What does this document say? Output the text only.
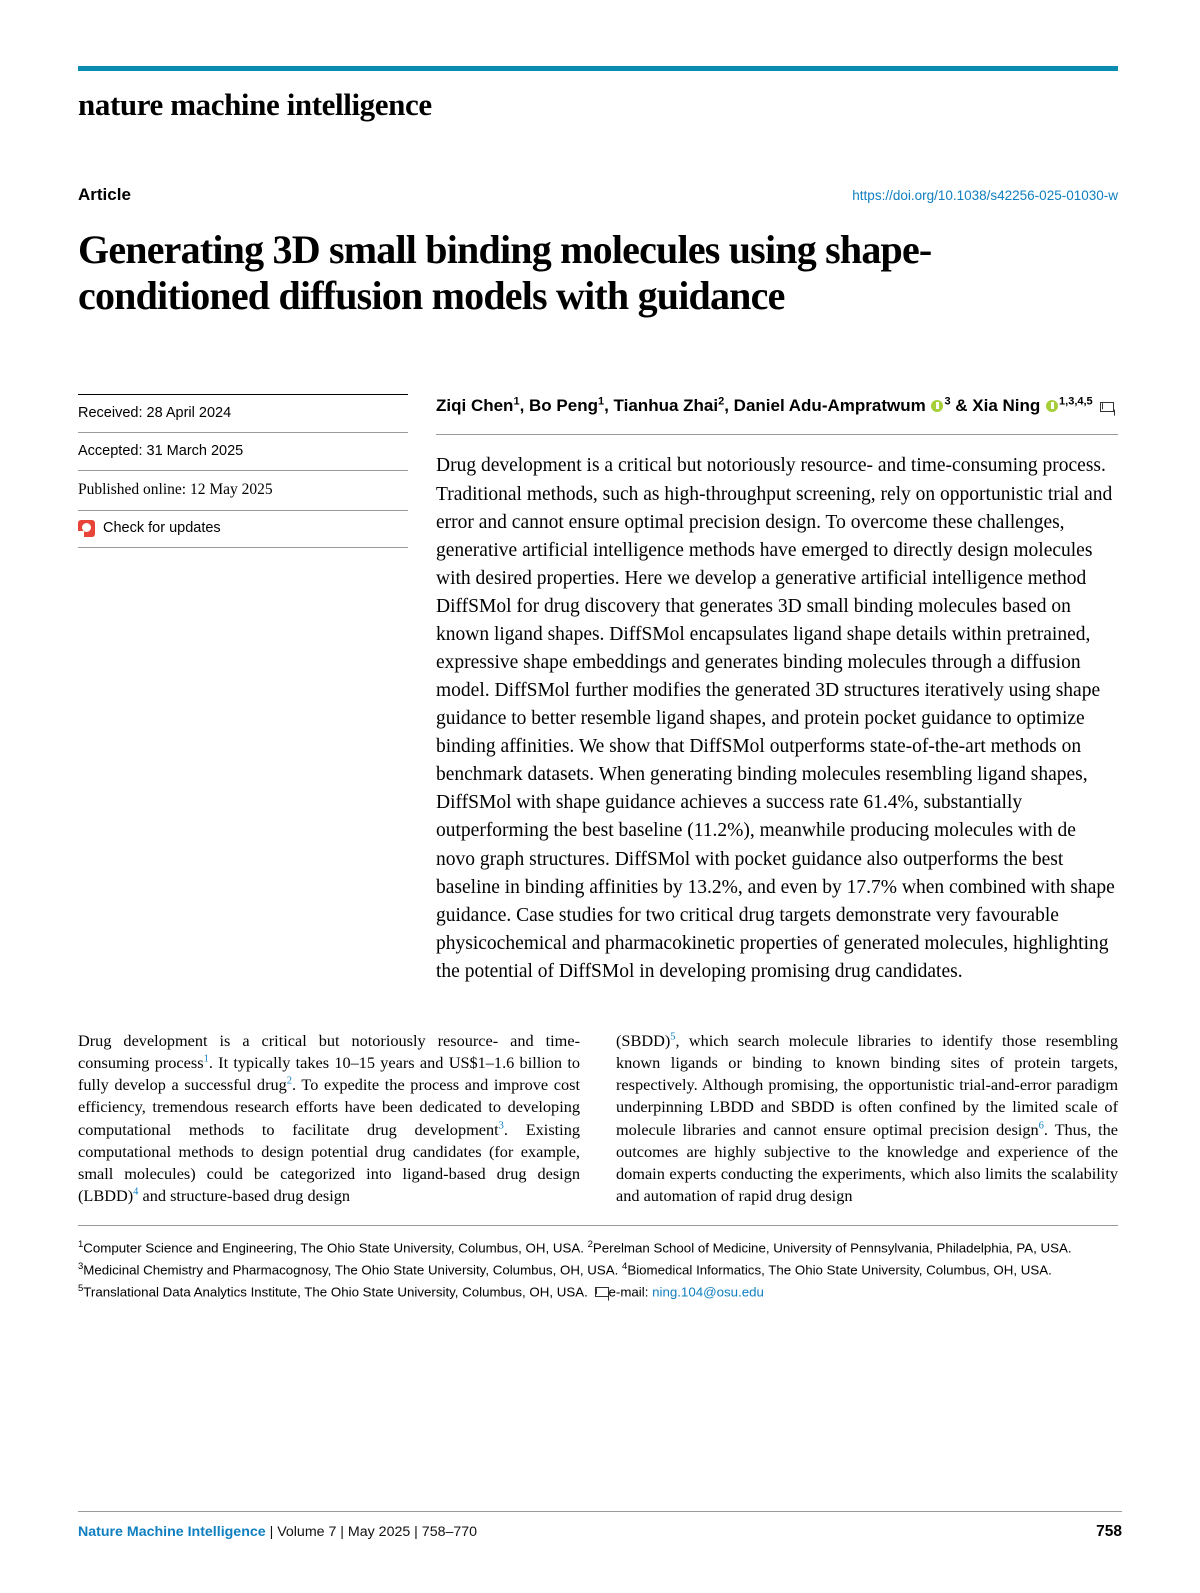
nature machine intelligence
Article	https://doi.org/10.1038/s42256-025-01030-w
Generating 3D small binding molecules using shape-conditioned diffusion models with guidance
Received: 28 April 2024
Accepted: 31 March 2025
Published online: 12 May 2025
Check for updates
Ziqi Chen$^1$, Bo Peng$^1$, Tianhua Zhai$^2$, Daniel Adu-Ampratwum $^3$ & Xia Ning $^{1,3,4,5}$
Drug development is a critical but notoriously resource- and time-consuming process. Traditional methods, such as high-throughput screening, rely on opportunistic trial and error and cannot ensure optimal precision design. To overcome these challenges, generative artificial intelligence methods have emerged to directly design molecules with desired properties. Here we develop a generative artificial intelligence method DiffSMol for drug discovery that generates 3D small binding molecules based on known ligand shapes. DiffSMol encapsulates ligand shape details within pretrained, expressive shape embeddings and generates binding molecules through a diffusion model. DiffSMol further modifies the generated 3D structures iteratively using shape guidance to better resemble ligand shapes, and protein pocket guidance to optimize binding affinities. We show that DiffSMol outperforms state-of-the-art methods on benchmark datasets. When generating binding molecules resembling ligand shapes, DiffSMol with shape guidance achieves a success rate 61.4%, substantially outperforming the best baseline (11.2%), meanwhile producing molecules with de novo graph structures. DiffSMol with pocket guidance also outperforms the best baseline in binding affinities by 13.2%, and even by 17.7% when combined with shape guidance. Case studies for two critical drug targets demonstrate very favourable physicochemical and pharmacokinetic properties of generated molecules, highlighting the potential of DiffSMol in developing promising drug candidates.
Drug development is a critical but notoriously resource- and time-consuming process$^1$. It typically takes 10–15 years and US$1–1.6 billion to fully develop a successful drug$^2$. To expedite the process and improve cost efficiency, tremendous research efforts have been dedicated to developing computational methods to facilitate drug development$^3$. Existing computational methods to design potential drug candidates (for example, small molecules) could be categorized into ligand-based drug design (LBDD)$^4$ and structure-based drug design
(SBDD)$^5$, which search molecule libraries to identify those resembling known ligands or binding to known binding sites of protein targets, respectively. Although promising, the opportunistic trial-and-error paradigm underpinning LBDD and SBDD is often confined by the limited scale of molecule libraries and cannot ensure optimal precision design$^6$. Thus, the outcomes are highly subjective to the knowledge and experience of the domain experts conducting the experiments, which also limits the scalability and automation of rapid drug design
$^1$Computer Science and Engineering, The Ohio State University, Columbus, OH, USA. $^2$Perelman School of Medicine, University of Pennsylvania, Philadelphia, PA, USA. $^3$Medicinal Chemistry and Pharmacognosy, The Ohio State University, Columbus, OH, USA. $^4$Biomedical Informatics, The Ohio State University, Columbus, OH, USA. $^5$Translational Data Analytics Institute, The Ohio State University, Columbus, OH, USA. e-mail: ning.104@osu.edu
Nature Machine Intelligence | Volume 7 | May 2025 | 758–770	758
